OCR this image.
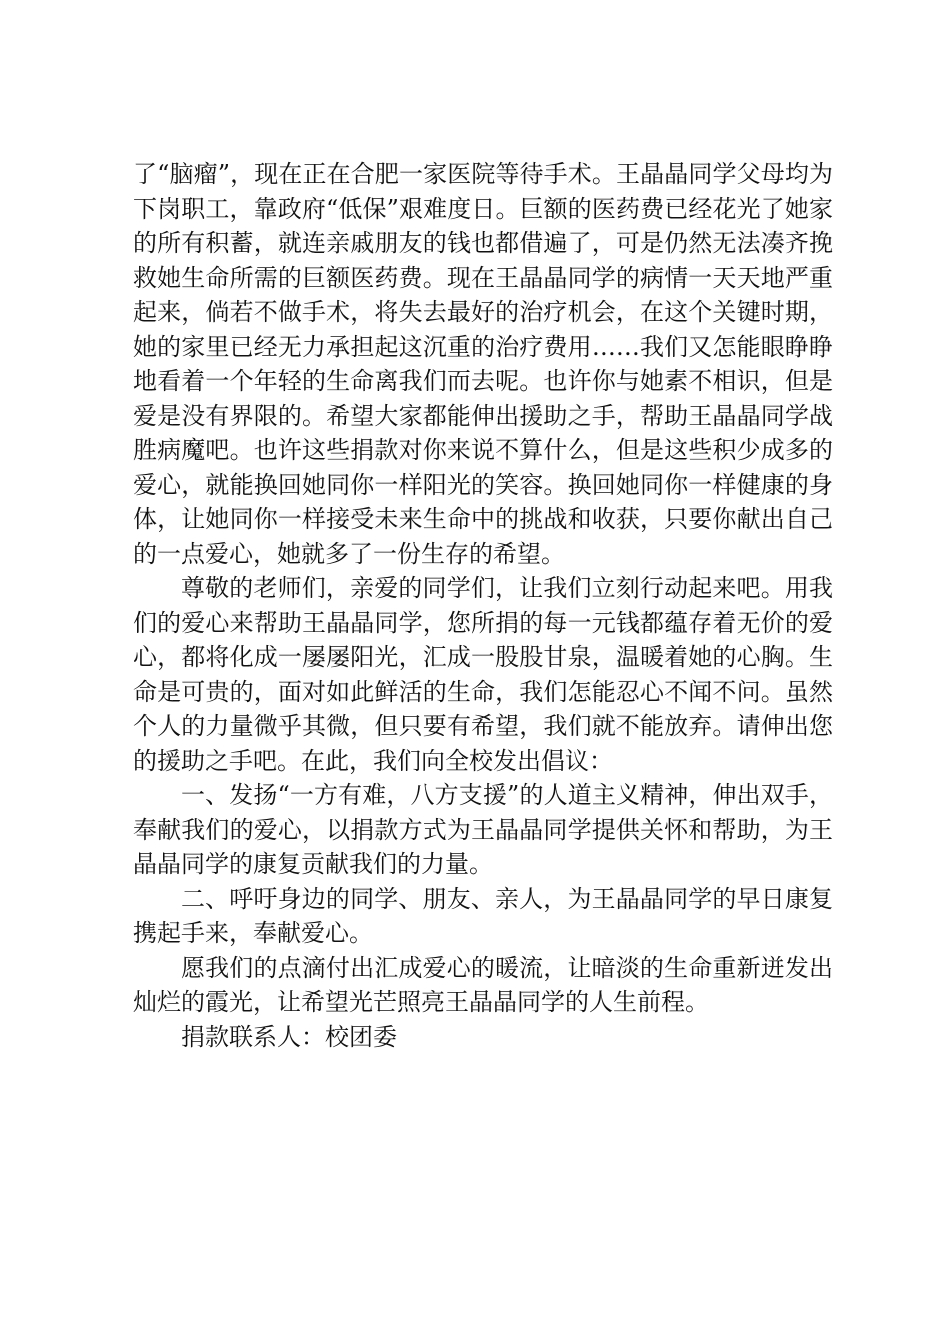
了“脑瘤”，现在正在合肥一家医院等待手术。王晶晶同学父母均为下岗职工，靠政府“低保”艰难度日。巨额的医药费已经花光了她家的所有积蓄，就连亲戚朋友的钱也都借遍了，可是仍然无法凑齐挽救她生命所需的巨额医药费。现在王晶晶同学的病情一天天地严重起来，倘若不做手术，将失去最好的治疗机会，在这个关键时期，她的家里已经无力承担起这沉重的治疗费用……我们又怎能眼睁睁地看着一个年轻的生命离我们而去呢。也许你与她素不相识，但是爱是没有界限的。希望大家都能伸出援助之手，帮助王晶晶同学战胜病魔吧。也许这些捐款对你来说不算什么，但是这些积少成多的爱心，就能换回她同你一样阳光的笑容。换回她同你一样健康的身体，让她同你一样接受未来生命中的挑战和收获，只要你献出自己的一点爱心，她就多了一份生存的希望。

尊敬的老师们，亲爱的同学们，让我们立刻行动起来吧。用我们的爱心来帮助王晶晶同学，您所捐的每一元钱都蕴存着无价的爱心，都将化成一屡屡阳光，汇成一股股甘泉，温暖着她的心胸。生命是可贵的，面对如此鲜活的生命，我们怎能忍心不闻不问。虽然个人的力量微乎其微，但只要有希望，我们就不能放弃。请伸出您的援助之手吧。在此，我们向全校发出倡议：

一、发扬“一方有难，八方支援”的人道主义精神，伸出双手，奉献我们的爱心，以捐款方式为王晶晶同学提供关怀和帮助，为王晶晶同学的康复贡献我们的力量。

二、呼吁身边的同学、朋友、亲人，为王晶晶同学的早日康复携起手来，奉献爱心。

愿我们的点滴付出汇成爱心的暖流，让暗淡的生命重新迸发出灿烂的霞光，让希望光芒照亮王晶晶同学的人生前程。

捐款联系人：校团委
